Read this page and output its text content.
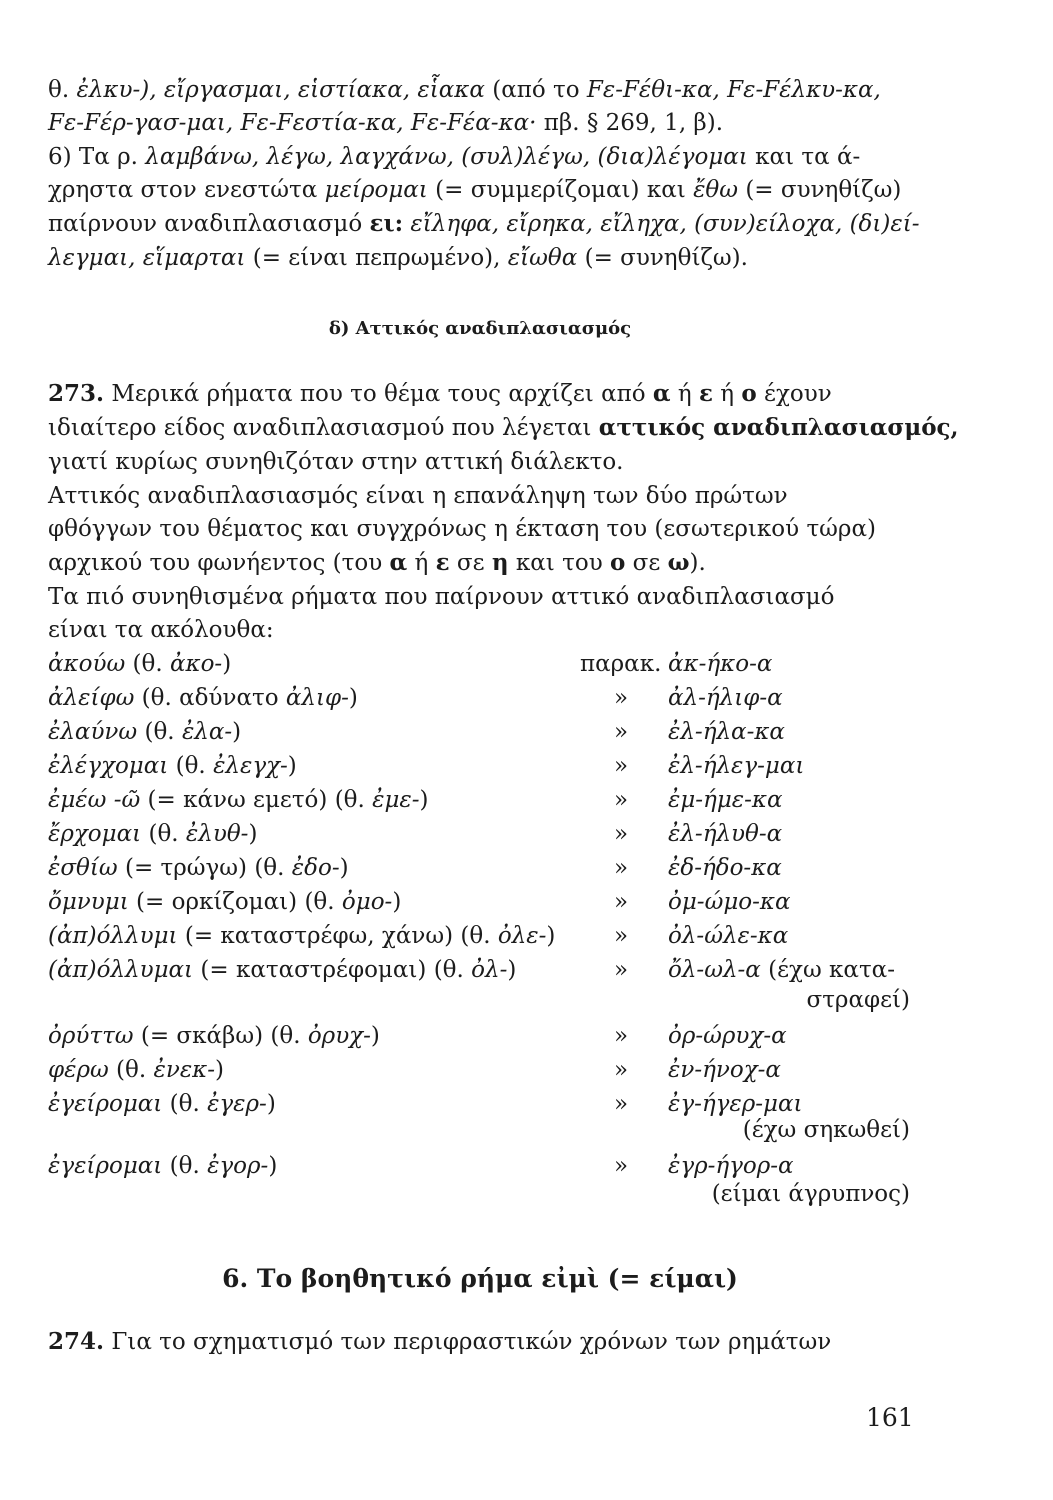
θ. ἐλκυ-), εἴργασμαι, εἱστίακα, εἷακα (από το Fε-Fέθι-κα, Fε-Fέλκυ-κα,
Fε-Fέρ-γασ-μαι, Fε-Fεστία-κα, Fε-Fέα-κα· πβ. § 269, 1, β).
6) Τα ρ. λαμβάνω, λέγω, λαγχάνω, (συλ)λέγω, (δια)λέγομαι και τα ά-
χρηστα στον ενεστώτα μείρομαι (= συμμερίζομαι) και ἔθω (= συνηθίζω)
παίρνουν αναδιπλασιασμό ει: εἴληφα, εἴρηκα, εἴληχα, (συν)είλοχα, (δι)εί-
λεγμαι, εἵμαρται (= είναι πεπρωμένο), εἴωθα (= συνηθίζω).
δ) Αττικός αναδιπλασιασμός
273. Μερικά ρήματα που το θέμα τους αρχίζει από α ή ε ή ο έχουν
ιδιαίτερο είδος αναδιπλασιασμού που λέγεται αττικός αναδιπλασιασμός,
γιατί κυρίως συνηθιζόταν στην αττική διάλεκτο.
Αττικός αναδιπλασιασμός είναι η επανάληψη των δύο πρώτων
φθόγγων του θέματος και συγχρόνως η έκταση του (εσωτερικού τώρα)
αρχικού του φωνήεντος (του α ή ε σε η και του ο σε ω).
Τα πιό συνηθισμένα ρήματα που παίρνουν αττικό αναδιπλασιασμό
είναι τα ακόλουθα:
ἀκούω (θ. ἀκο-)	παρακ. ἀκ-ήκο-α
ἀλείφω (θ. αδύνατο ἀλιφ-)	» ἀλ-ήλιφ-α
ἐλαύνω (θ. ἐλα-)	» ἐλ-ήλα-κα
ἐλέγχομαι (θ. ἐλεγχ-)	» ἐλ-ήλεγ-μαι
ἐμέω -ῶ (= κάνω εμετό) (θ. ἐμε-)	» ἐμ-ήμε-κα
ἔρχομαι (θ. ἐλυθ-)	» ἐλ-ήλυθ-α
ἐσθίω (= τρώγω) (θ. ἐδο-)	» ἐδ-ήδο-κα
ὄμνυμι (= ορκίζομαι) (θ. ὀμο-)	» ὀμ-ώμο-κα
(ἀπ)όλλυμι (= καταστρέφω, χάνω) (θ. ὀλε-)	» ὀλ-ώλε-κα
(ἀπ)όλλυμαι (= καταστρέφομαι) (θ. ὀλ-)	» ὄλ-ωλ-α (έχω κατα-
στραφεί)
ὀρύττω (= σκάβω) (θ. ὀρυχ-)	» ὀρ-ώρυχ-α
φέρω (θ. ἐνεκ-)	» ἐν-ήνοχ-α
ἐγείρομαι (θ. ἐγερ-)	» ἐγ-ήγερ-μαι
(έχω σηκωθεί)
ἐγείρομαι (θ. ἐγορ-)	» ἐγρ-ήγορ-α
(είμαι άγρυπνος)
6. Το βοηθητικό ρήμα εἰμὶ (= είμαι)
274. Για το σχηματισμό των περιφραστικών χρόνων των ρημάτων
161
